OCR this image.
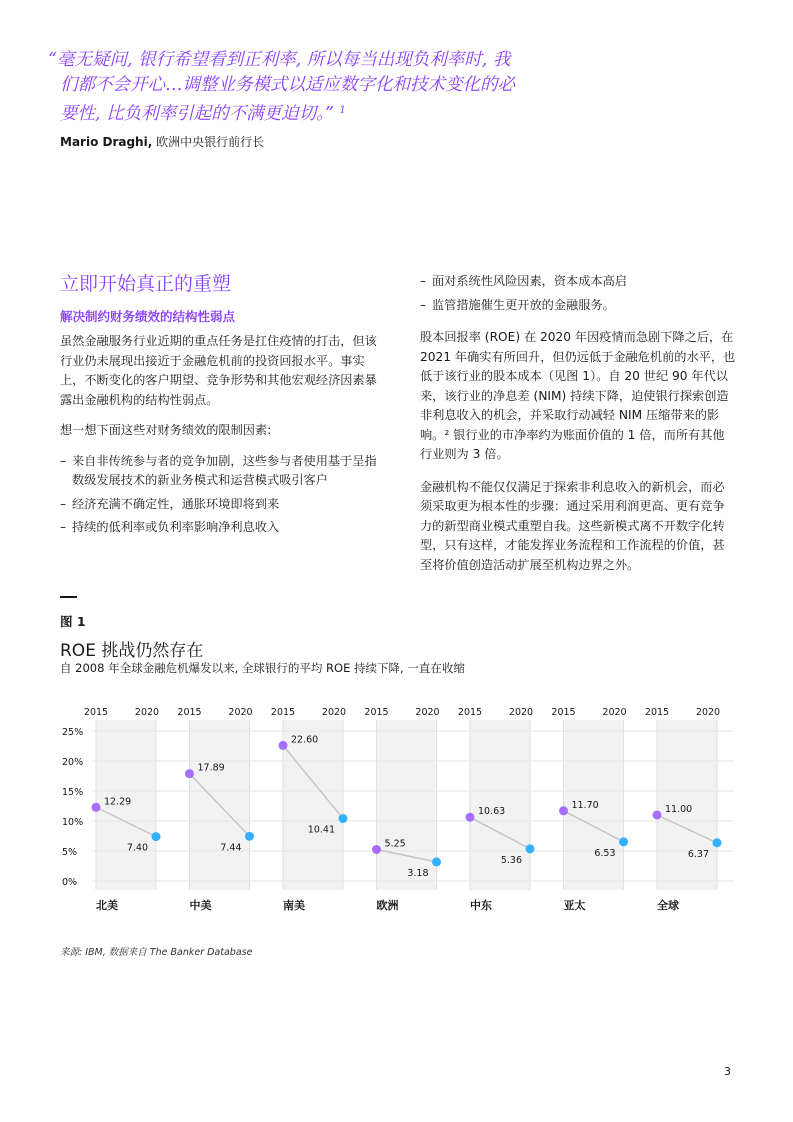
“毫无疑问, 银行希望看到正利率, 所以每当出现负利率时, 我

们都不会开心…调整业务模式以适应数字化和技术变化的必

要性, 比负利率引起的不满更迫切。” $^1$

Mario Draghi, 欧洲中央银行前行长
立即开始真正的重塑
解决制约财务绩效的结构性弱点

虽然金融服务行业近期的重点任务是扛住疫情的打击，但该行业仍未展现出接近于金融危机前的投资回报水平。事实上，不断变化的客户期望、竞争形势和其他宏观经济因素暴露出金融机构的结构性弱点。

想一想下面这些对财务绩效的限制因素:

– 来自非传统参与者的竞争加剧，这些参与者使用基于呈指数级发展技术的新业务模式和运营模式吸引客户
– 经济充满不确定性，通胀环境即将到来
– 持续的低利率或负利率影响净利息收入
– 面对系统性风险因素，资本成本高启
– 监管措施催生更开放的金融服务。

股本回报率 (ROE) 在 2020 年因疫情而急剧下降之后，在 2021 年确实有所回升，但仍远低于金融危机前的水平，也低于该行业的股本成本（见图 1）。自 20 世纪 90 年代以来，该行业的净息差 (NIM) 持续下降，迫使银行探索创造非利息收入的机会，并采取行动减轻 NIM 压缩带来的影响。² 银行业的市净率约为账面价值的 1 倍，而所有其他行业则为 3 倍。

金融机构不能仅仅满足于探索非利息收入的新机会，而必须采取更为根本性的步骤：通过采用利润更高、更有竞争力的新型商业模式重塑自我。这些新模式离不开数字化转型，只有这样，才能发挥业务流程和工作流程的价值，甚至将价值创造活动扩展至机构边界之外。

图 1
ROE 挑战仍然存在
自 2008 年全球金融危机爆发以来, 全球银行的平均 ROE 持续下降, 一直在收缩
25%
20%
15%
10%
5%
0%
2015	2020 2015	2020 2015	2020 2015	2020 2015	2020 2015	2020 2015	2020
12.29
7.40
17.89
7.44
22.60
10.41
5.25
3.18
10.63
5.36
11.70
6.53
11.00
6.37
北美	中美	南美	欧洲	中东	亚太	全球
来源: IBM, 数据来自 The Banker Database
3
